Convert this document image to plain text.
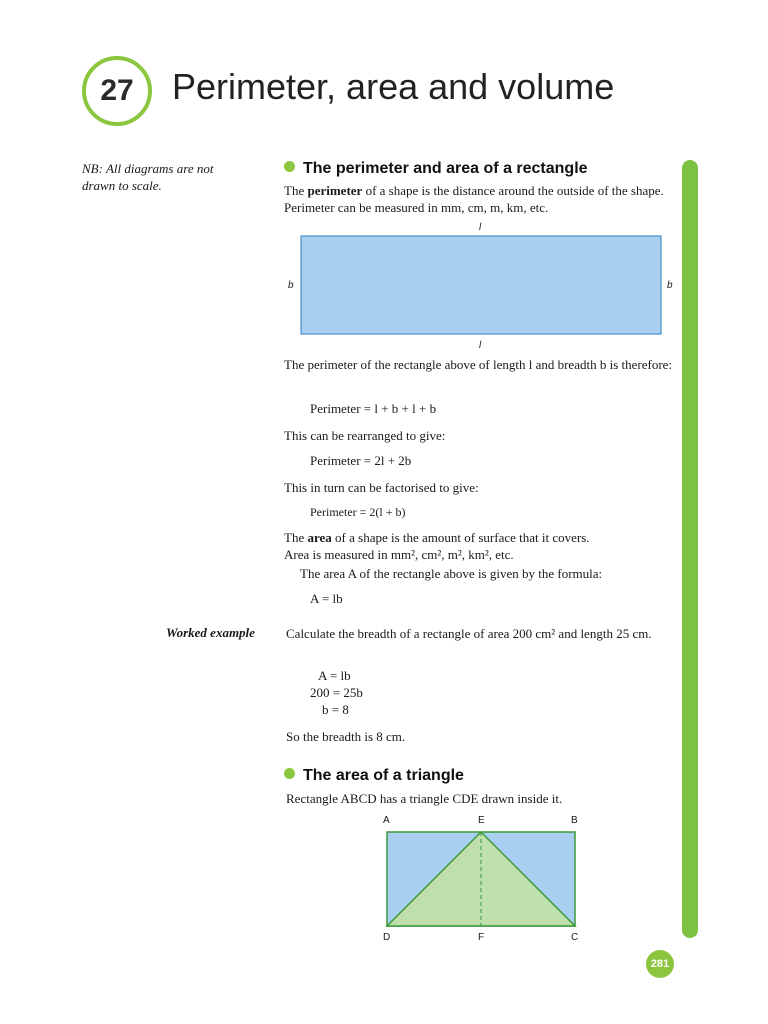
27 Perimeter, area and volume
NB: All diagrams are not drawn to scale.
The perimeter and area of a rectangle
The perimeter of a shape is the distance around the outside of the shape. Perimeter can be measured in mm, cm, m, km, etc.
l
l
b	b
The perimeter of the rectangle above of length l and breadth b is therefore:
Perimeter = l + b + l + b
This can be rearranged to give:
Perimeter = 2l + 2b
This in turn can be factorised to give:
Perimeter = 2(l + b)
The area of a shape is the amount of surface that it covers.
Area is measured in mm², cm², m², km², etc.
The area A of the rectangle above is given by the formula:
A = lb
Worked example Calculate the breadth of a rectangle of area 200 cm² and length 25 cm.
A = lb
200 = 25b
b = 8
So the breadth is 8 cm.
The area of a triangle
Rectangle ABCD has a triangle CDE drawn inside it.
A	E	B
D	F	C
281
